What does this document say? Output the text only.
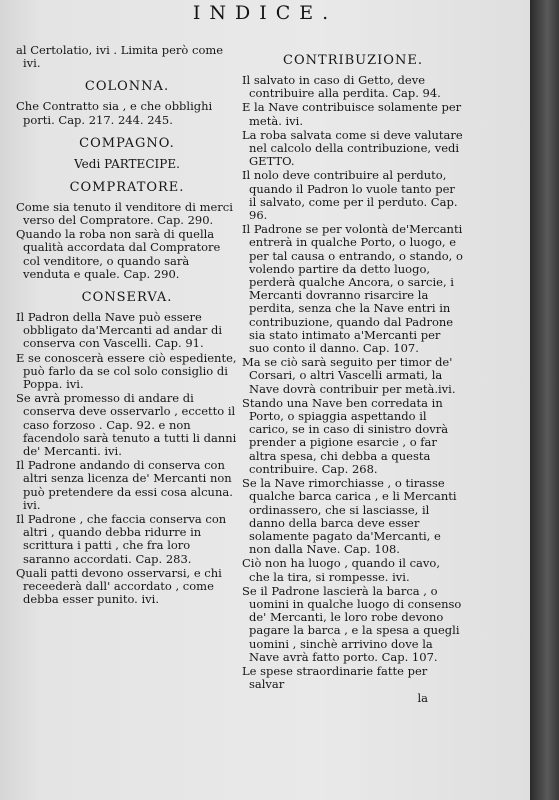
INDICE.
al Certolatio, ivi . Limita però come ivi.
COLONNA.
Che Contratto sia , e che obblighi porti. Cap. 217. 244. 245.
COMPAGNO.
Vedi PARTECIPE.
COMPRATORE.
Come sia tenuto il venditore di merci verso del Compratore. Cap. 290.
Quando la roba non sarà di quella qualità accordata dal Compratore col venditore, o quando sarà venduta e quale. Cap. 290.
CONSERVA.
Il Padron della Nave può essere obbligato da'Mercanti ad andar di conserva con Vascelli. Cap. 91.
E se conoscerà essere ciò espediente, può farlo da se col solo consiglio di Poppa. ivi.
Se avrà promesso di andare di conserva deve osservarlo , eccetto il caso forzoso . Cap. 92. e non facendolo sarà tenuto a tutti li danni de' Mercanti. ivi.
Il Padrone andando di conserva con altri senza licenza de' Mercanti non può pretendere da essi cosa alcuna. ivi.
Il Padrone , che faccia conserva con altri , quando debba ridurre in scrittura i patti , che fra loro saranno accordati. Cap. 283.
Quali patti devono osservarsi, e chi receederà dall' accordato , come debba esser punito. ivi.
CONTRIBUZIONE.
Il salvato in caso di Getto, deve contribuire alla perdita. Cap. 94.
E la Nave contribuisce solamente per metà. ivi.
La roba salvata come si deve valutare nel calcolo della contribuzione, vedi GETTO.
Il nolo deve contribuire al perduto, quando il Padron lo vuole tanto per il salvato, come per il perduto. Cap. 96.
Il Padrone se per volontà de'Mercanti entrerà in qualche Porto, o luogo, e per tal causa o entrando, o stando, o volendo partire da detto luogo, perderà qualche Ancora, o sarcie, i Mercanti dovranno risarcire la perdita, senza che la Nave entri in contribuzione, quando dal Padrone sia stato intimato a'Mercanti per suo conto il danno. Cap. 107.
Ma se ciò sarà seguito per timor de' Corsari, o altri Vascelli armati, la Nave dovrà contribuir per metà.ivi.
Stando una Nave ben corredata in Porto, o spiaggia aspettando il carico, se in caso di sinistro dovrà prender a pigione esarcie , o far altra spesa, chi debba a questa contribuire. Cap. 268.
Se la Nave rimorchiasse , o tirasse qualche barca carica , e li Mercanti ordinassero, che si lasciasse, il danno della barca deve esser solamente pagato da'Mercanti, e non dalla Nave. Cap. 108.
Ciò non ha luogo , quando il cavo, che la tira, si rompesse. ivi.
Se il Padrone lascierà la barca , o uomini in qualche luogo di consenso de' Mercanti, le loro robe devono pagare la barca , e la spesa a quegli uomini , sinchè arrivino dove la Nave avrà fatto porto. Cap. 107.
Le spese straordinarie fatte per salvar
la
